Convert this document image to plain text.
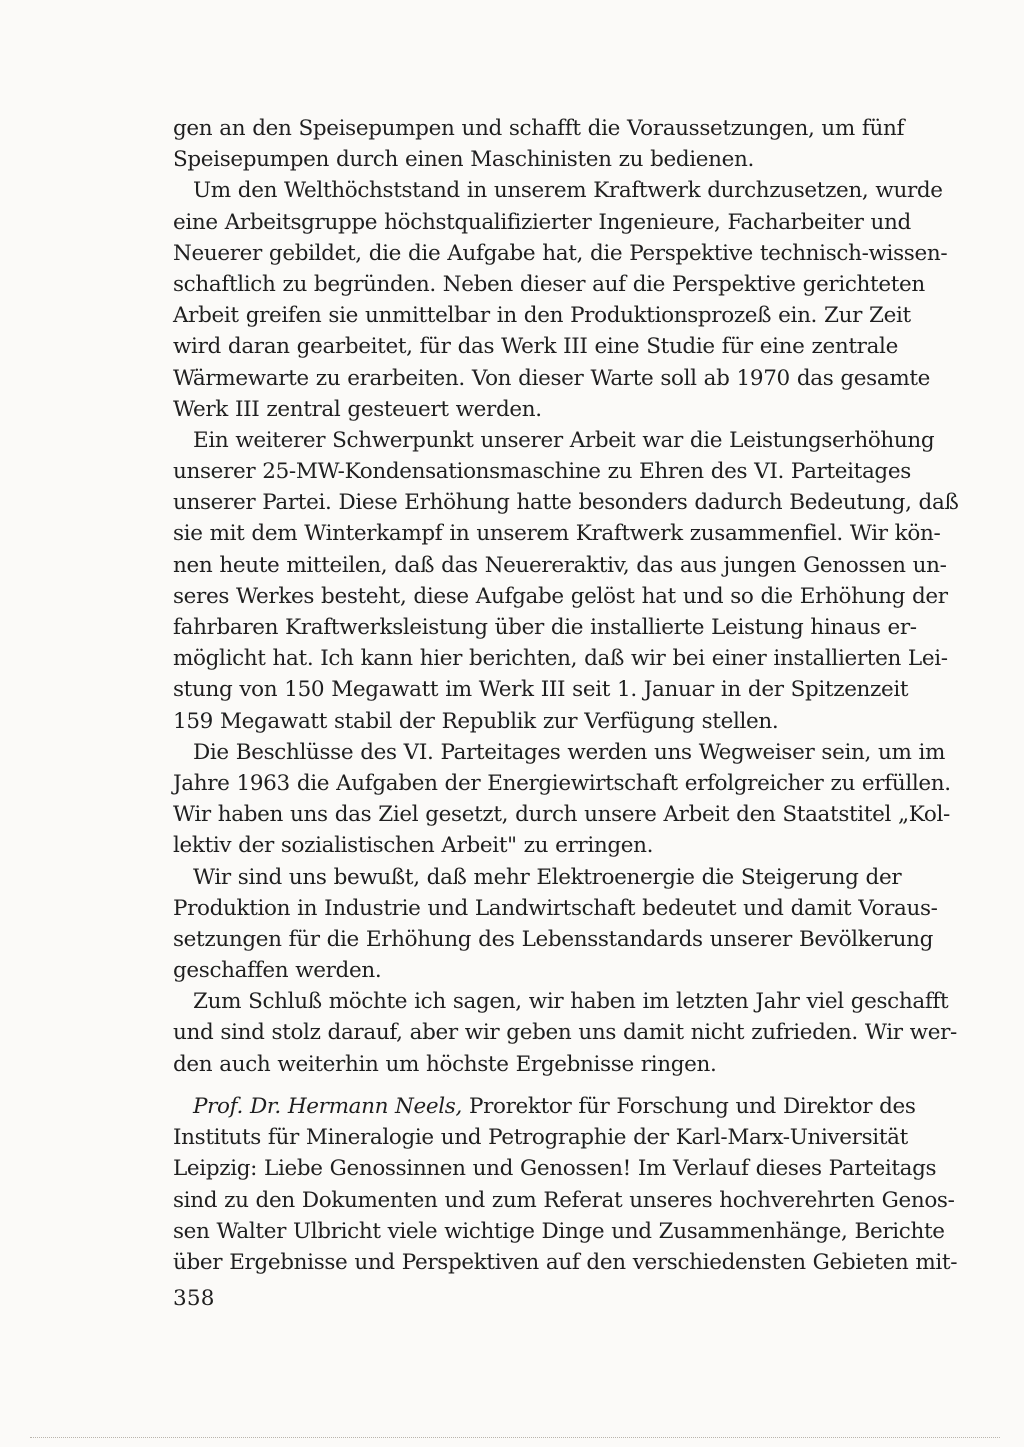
gen an den Speisepumpen und schafft die Voraussetzungen, um fünf
Speisepumpen durch einen Maschinisten zu bedienen.
Um den Welthöchststand in unserem Kraftwerk durchzusetzen, wurde
eine Arbeitsgruppe höchstqualifizierter Ingenieure, Facharbeiter und
Neuerer gebildet, die die Aufgabe hat, die Perspektive technisch-wissen-
schaftlich zu begründen. Neben dieser auf die Perspektive gerichteten
Arbeit greifen sie unmittelbar in den Produktionsprozeß ein. Zur Zeit
wird daran gearbeitet, für das Werk III eine Studie für eine zentrale
Wärmewarte zu erarbeiten. Von dieser Warte soll ab 1970 das gesamte
Werk III zentral gesteuert werden.
Ein weiterer Schwerpunkt unserer Arbeit war die Leistungserhöhung
unserer 25-MW-Kondensationsmaschine zu Ehren des VI. Parteitages
unserer Partei. Diese Erhöhung hatte besonders dadurch Bedeutung, daß
sie mit dem Winterkampf in unserem Kraftwerk zusammenfiel. Wir kön-
nen heute mitteilen, daß das Neuereraktiv, das aus jungen Genossen un-
seres Werkes besteht, diese Aufgabe gelöst hat und so die Erhöhung der
fahrbaren Kraftwerksleistung über die installierte Leistung hinaus er-
möglicht hat. Ich kann hier berichten, daß wir bei einer installierten Lei-
stung von 150 Megawatt im Werk III seit 1. Januar in der Spitzenzeit
159 Megawatt stabil der Republik zur Verfügung stellen.
Die Beschlüsse des VI. Parteitages werden uns Wegweiser sein, um im
Jahre 1963 die Aufgaben der Energiewirtschaft erfolgreicher zu erfüllen.
Wir haben uns das Ziel gesetzt, durch unsere Arbeit den Staatstitel „Kol-
lektiv der sozialistischen Arbeit" zu erringen.
Wir sind uns bewußt, daß mehr Elektroenergie die Steigerung der
Produktion in Industrie und Landwirtschaft bedeutet und damit Voraus-
setzungen für die Erhöhung des Lebensstandards unserer Bevölkerung
geschaffen werden.
Zum Schluß möchte ich sagen, wir haben im letzten Jahr viel geschafft
und sind stolz darauf, aber wir geben uns damit nicht zufrieden. Wir wer-
den auch weiterhin um höchste Ergebnisse ringen.
Prof. Dr. Hermann Neels, Prorektor für Forschung und Direktor des
Instituts für Mineralogie und Petrographie der Karl-Marx-Universität
Leipzig: Liebe Genossinnen und Genossen! Im Verlauf dieses Parteitags
sind zu den Dokumenten und zum Referat unseres hochverehrten Genos-
sen Walter Ulbricht viele wichtige Dinge und Zusammenhänge, Berichte
über Ergebnisse und Perspektiven auf den verschiedensten Gebieten mit-
358
